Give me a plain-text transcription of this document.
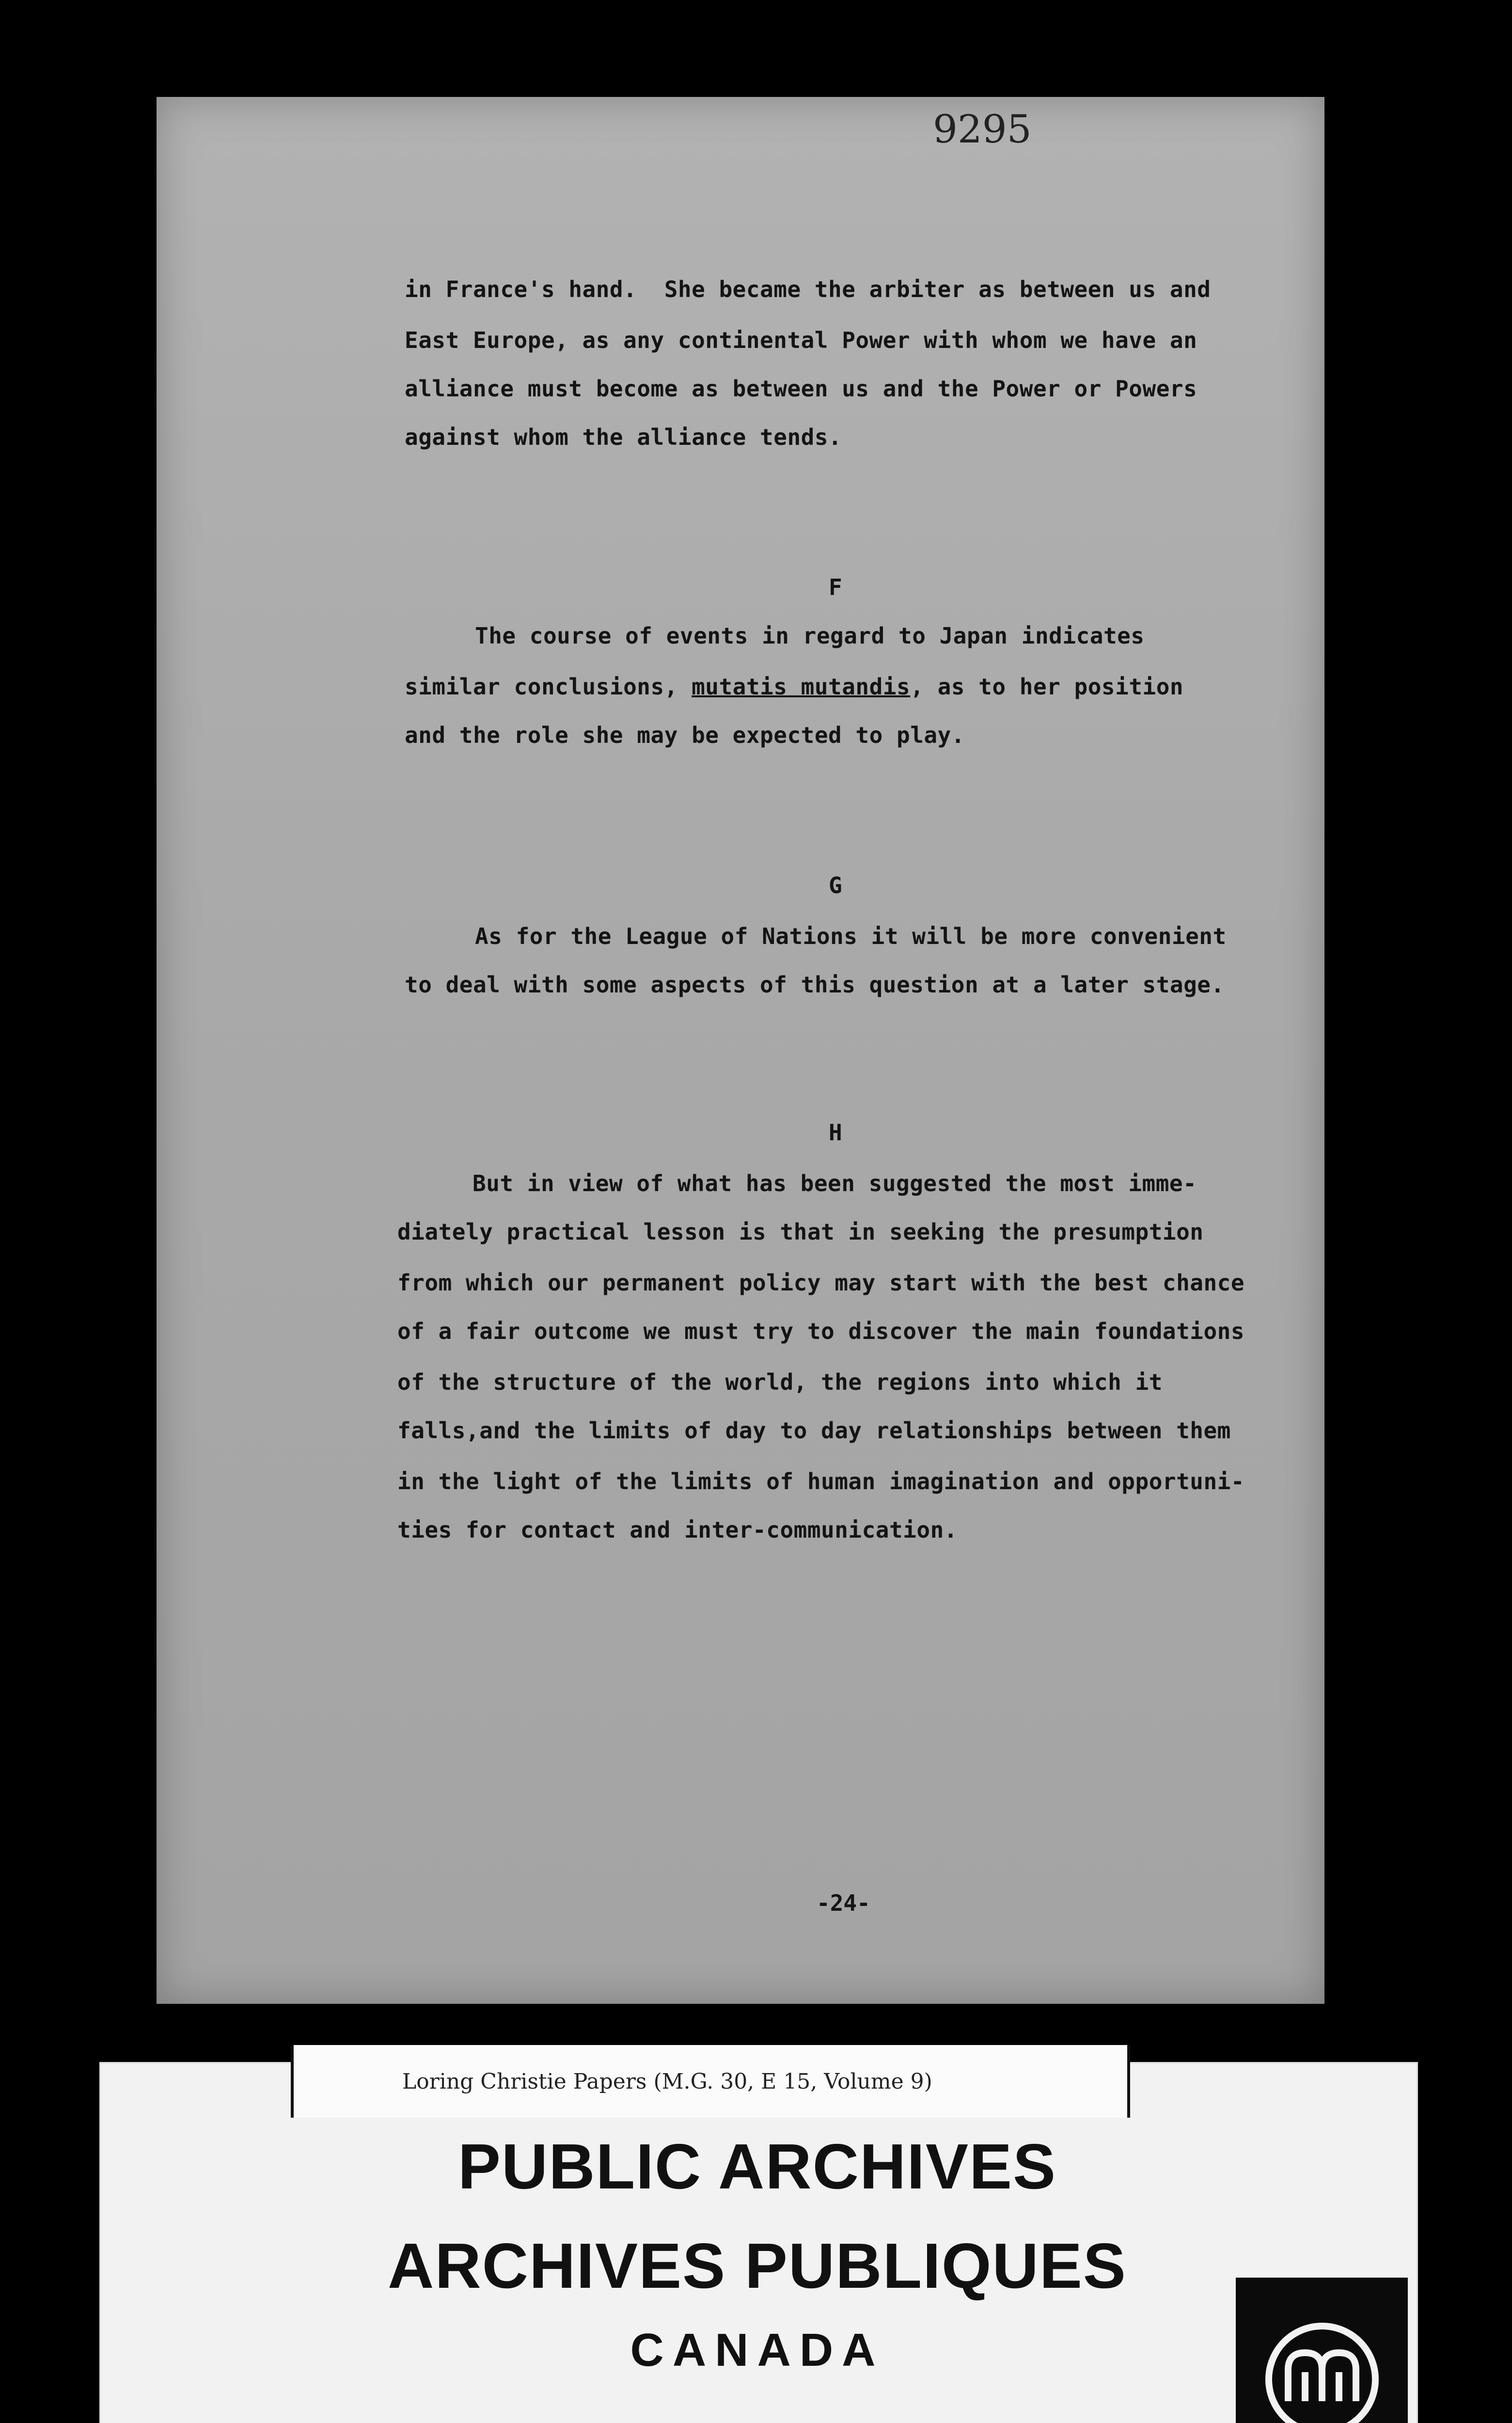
9295
in France's hand.  She became the arbiter as between us and
East Europe, as any continental Power with whom we have an
alliance must become as between us and the Power or Powers
against whom the alliance tends.
F
The course of events in regard to Japan indicates
similar conclusions, mutatis mutandis, as to her position
and the role she may be expected to play.
G
As for the League of Nations it will be more convenient
to deal with some aspects of this question at a later stage.
H
But in view of what has been suggested the most imme-
diately practical lesson is that in seeking the presumption
from which our permanent policy may start with the best chance
of a fair outcome we must try to discover the main foundations
of the structure of the world, the regions into which it
falls,and the limits of day to day relationships between them
in the light of the limits of human imagination and opportuni-
ties for contact and inter-communication.
-24-
Loring Christie Papers (M.G. 30, E 15, Volume 9)
PUBLIC ARCHIVES
ARCHIVES PUBLIQUES
CANADA
